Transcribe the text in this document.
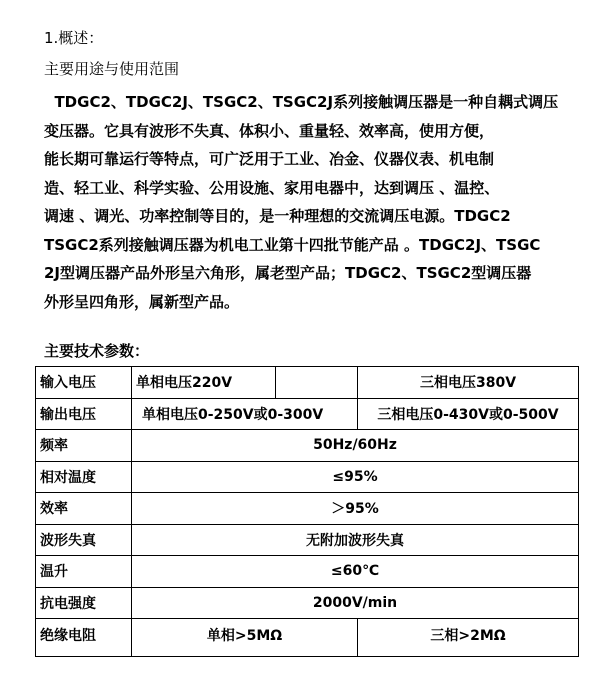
1.概述：
主要用途与使用范围
TDGC2、TDGC2J、TSGC2、TSGC2J系列接触调压器是一种自耦式调压
变压器。它具有波形不失真、体积小、重量轻、效率高，使用方便，
能长期可靠运行等特点，可广泛用于工业、冶金、仪器仪表、机电制
造、轻工业、科学实验、公用设施、家用电器中，达到调压 、温控、
调速 、调光、功率控制等目的，是一种理想的交流调压电源。TDGC2
TSGC2系列接触调压器为机电工业第十四批节能产品 。TDGC2J、TSGC
2J型调压器产品外形呈六角形，属老型产品；TDGC2、TSGC2型调压器
外形呈四角形，属新型产品。
主要技术参数：
输入电压	单相电压220V		三相电压380V
输出电压	单相电压0-250V或0-300V		三相电压0-430V或0-500V
频率	50Hz/60Hz		
相对温度	≤95%		
效率	＞95%		
波形失真	无附加波形失真		
温升	≤60℃		
抗电强度	2000V/min		
绝缘电阻	单相>5MΩ		三相>2MΩ
